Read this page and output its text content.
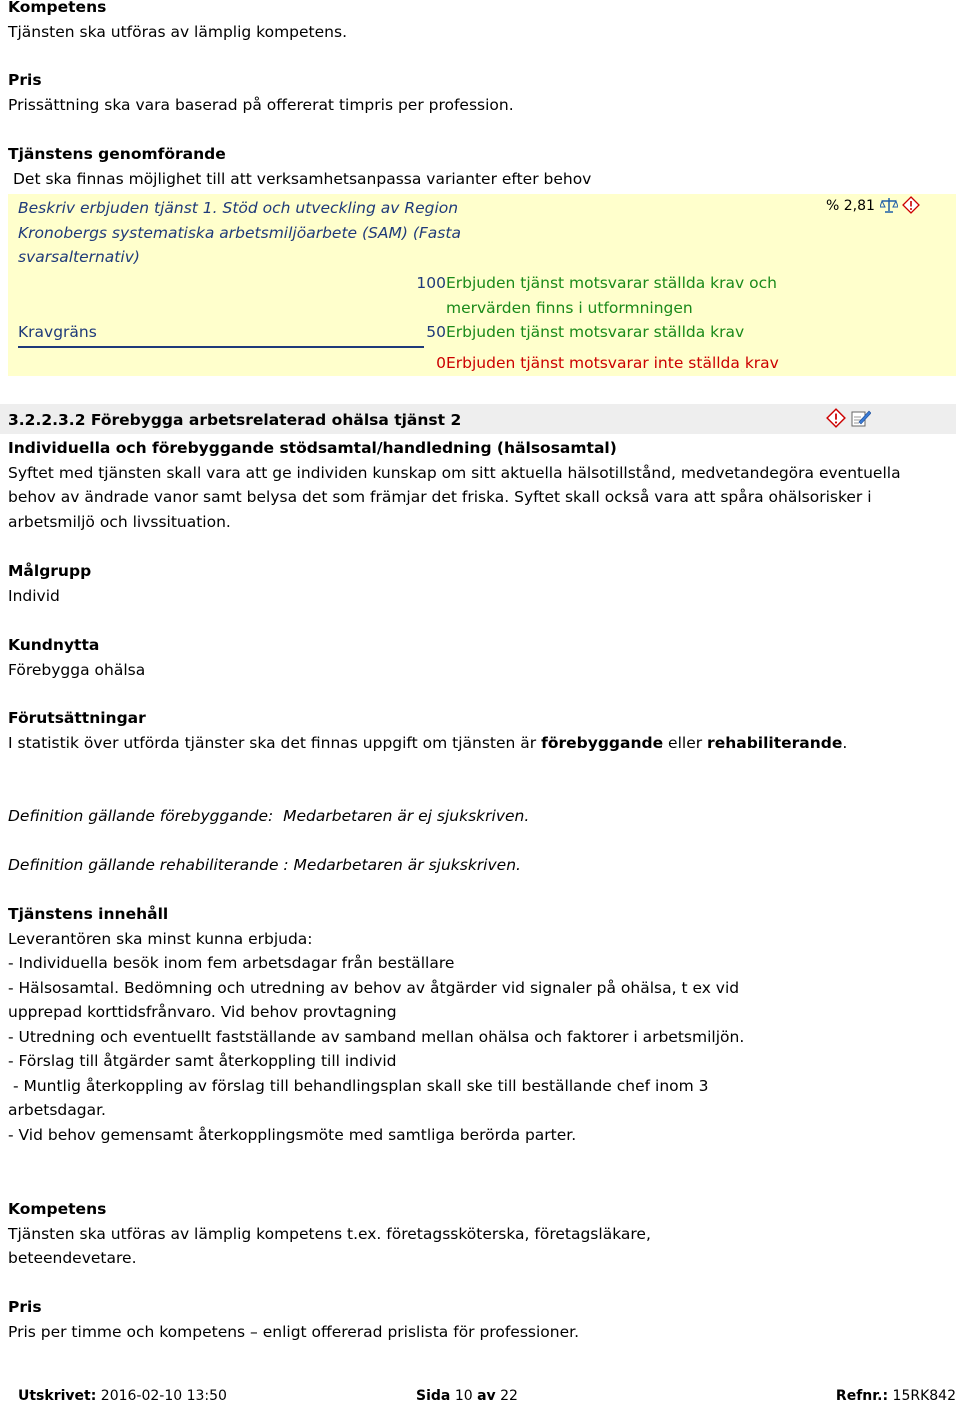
Kompetens

Tjänsten ska utföras av lämplig kompetens.

Pris

Prissättning ska vara baserad på offererat timpris per profession.

Tjänstens genomförande

Det ska finnas möjlighet till att verksamhetsanpassa varianter efter behov

Beskriv erbjuden tjänst 1. Stöd och utveckling av Region Kronobergs systematiska arbetsmiljöarbete (SAM) (Fasta svarsalternativ)
% 2,81
100 Erbjuden tjänst motsvarar ställda krav och mervärden finns i utformningen
Kravgräns	50 Erbjuden tjänst motsvarar ställda krav
0 Erbjuden tjänst motsvarar inte ställda krav
3.2.2.3.2 Förebygga arbetsrelaterad ohälsa tjänst 2

Individuella och förebyggande stödsamtal/handledning (hälsosamtal)

Syftet med tjänsten skall vara att ge individen kunskap om sitt aktuella hälsotillstånd, medvetandegöra eventuella behov av ändrade vanor samt belysa det som främjar det friska. Syftet skall också vara att spåra ohälsorisker i arbetsmiljö och livssituation.

Målgrupp

Individ

Kundnytta

Förebygga ohälsa

Förutsättningar

I statistik över utförda tjänster ska det finnas uppgift om tjänsten är förebyggande eller rehabiliterande.

Definition gällande förebyggande:  Medarbetaren är ej sjukskriven.
Definition gällande rehabiliterande : Medarbetaren är sjukskriven.

Tjänstens innehåll

Leverantören ska minst kunna erbjuda:

- Individuella besök inom fem arbetsdagar från beställare

- Hälsosamtal. Bedömning och utredning av behov av åtgärder vid signaler på ohälsa, t ex vid upprepad korttidsfrånvaro. Vid behov provtagning

- Utredning och eventuellt fastställande av samband mellan ohälsa och faktorer i arbetsmiljön.

- Förslag till åtgärder samt återkoppling till individ

- Muntlig återkoppling av förslag till behandlingsplan skall ske till beställande chef inom 3 arbetsdagar.

- Vid behov gemensamt återkopplingsmöte med samtliga berörda parter.

Kompetens

Tjänsten ska utföras av lämplig kompetens t.ex. företagssköterska, företagsläkare, beteendevetare.

Pris

Pris per timme och kompetens – enligt offererad prislista för professioner.

Utskrivet: 2016-02-10 13:50	Sida 10 av 22	Refnr.: 15RK842
